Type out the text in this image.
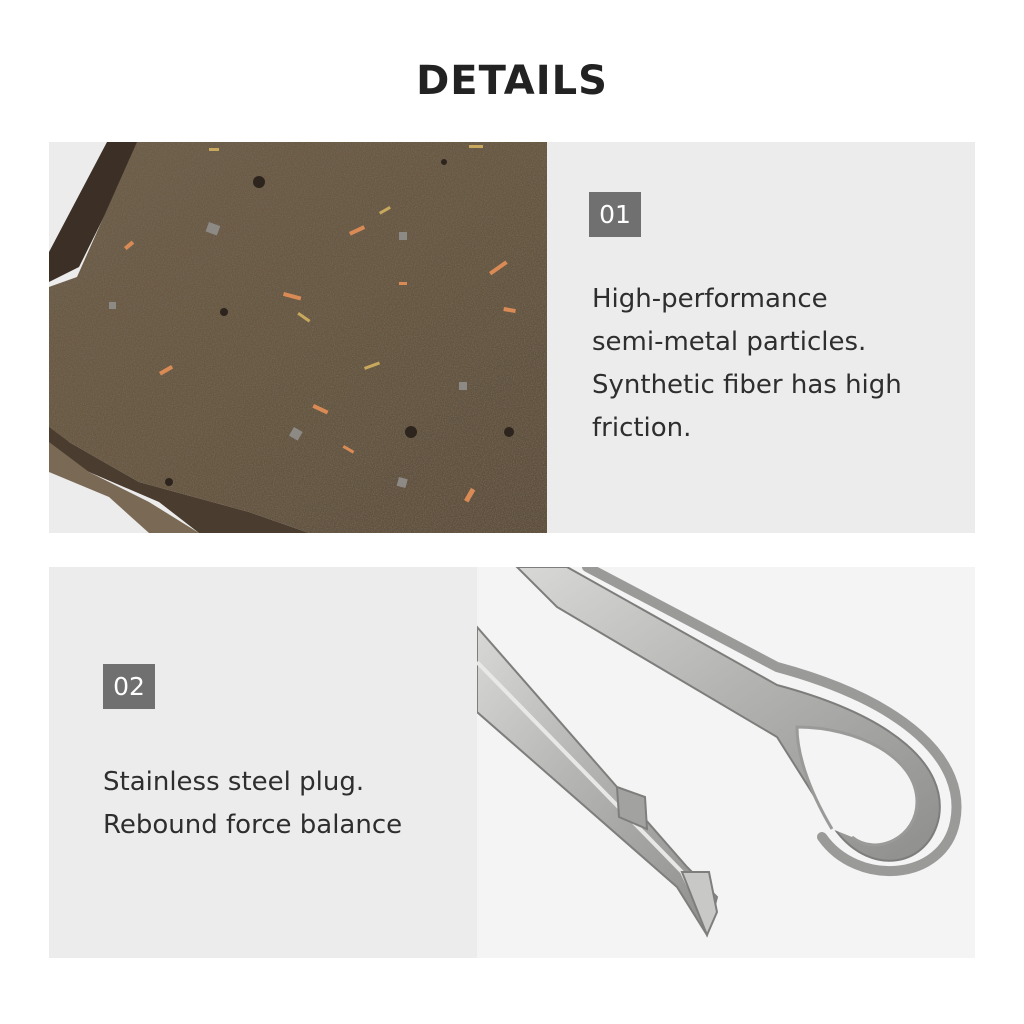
DETAILS
01
High-performance
semi-metal particles.
Synthetic fiber has high
friction.
02
Stainless steel plug.
Rebound force balance
